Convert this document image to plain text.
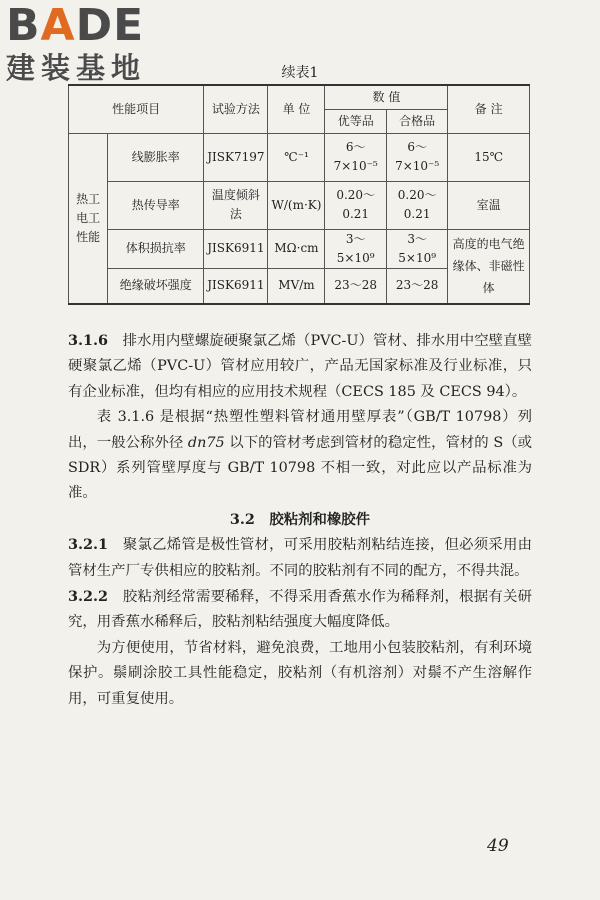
BADE
建装基地	续表1
性能项目		试验方法	单 位	数 值		备 注
				优等品	合格品	
热工电工性能	线膨胀率	JISK7197	℃⁻¹	6～7×10⁻⁵	6～7×10⁻⁵	15℃
	热传导率	温度倾斜法	W/(m·K)	0.20～0.21	0.20～0.21	室温
	体积损抗率	JISK6911	MΩ·cm	3～5×10⁹	3～5×10⁹	高度的电气绝缘体、非磁性体
	绝缘破坏强度	JISK6911	MV/m	23～28	23～28	

3.1.6　 排水用内壁螺旋硬聚氯乙烯（PVC-U）管材、排水用中空壁直壁硬聚氯乙烯（PVC-U）管材应用较广，产品无国家标准及行业标准，只有企业标准，但均有相应的应用技术规程（CECS 185 及 CECS 94）。

表 3.1.6 是根据“热塑性塑料管材通用壁厚表”（GB/T 10798）列出，一般公称外径 dn75 以下的管材考虑到管材的稳定性，管材的 S（或 SDR）系列管壁厚度与 GB/T 10798 不相一致，对此应以产品标准为准。

3.2　胶粘剂和橡胶件

3.2.1　 聚氯乙烯管是极性管材，可采用胶粘剂粘结连接，但必须采用由管材生产厂专供相应的胶粘剂。不同的胶粘剂有不同的配方，不得共混。

3.2.2　 胶粘剂经常需要稀释，不得采用香蕉水作为稀释剂，根据有关研究，用香蕉水稀释后，胶粘剂粘结强度大幅度降低。

为方便使用，节省材料，避免浪费，工地用小包装胶粘剂，有利环境保护。鬃刷涂胶工具性能稳定，胶粘剂（有机溶剂）对鬃不产生溶解作用，可重复使用。

49
